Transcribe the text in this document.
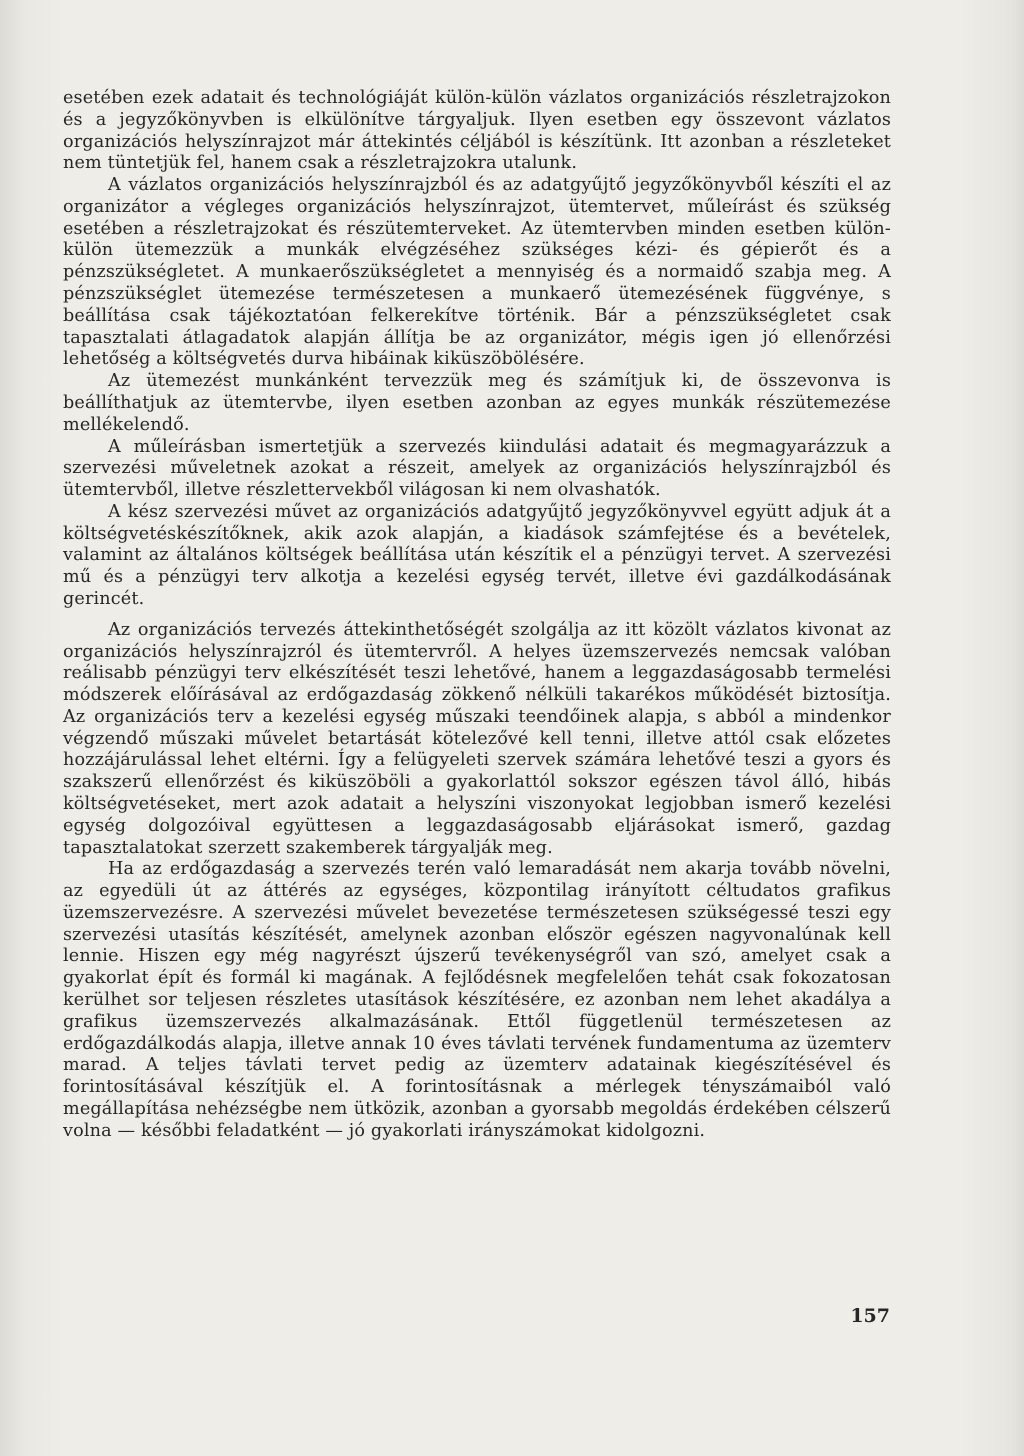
esetében ezek adatait és technológiáját külön-külön vázlatos organizációs részletrajzokon és a jegyzőkönyvben is elkülönítve tárgyaljuk. Ilyen esetben egy összevont vázlatos organizációs helyszínrajzot már áttekintés céljából is készítünk. Itt azonban a részleteket nem tüntetjük fel, hanem csak a részletrajzokra utalunk.

A vázlatos organizációs helyszínrajzból és az adatgyűjtő jegyzőkönyvből készíti el az organizátor a végleges organizációs helyszínrajzot, ütemtervet, műleírást és szükség esetében a részletrajzokat és részütemterveket. Az ütemtervben minden esetben külön-külön ütemezzük a munkák elvégzéséhez szükséges kézi- és gépierőt és a pénzszükségletet. A munkaerőszükségletet a mennyiség és a normaidő szabja meg. A pénzszükséglet ütemezése természetesen a munkaerő ütemezésének függvénye, s beállítása csak tájékoztatóan felkerekítve történik. Bár a pénzszükségletet csak tapasztalati átlagadatok alapján állítja be az organizátor, mégis igen jó ellenőrzési lehetőség a költségvetés durva hibáinak kiküszöbölésére.

Az ütemezést munkánként tervezzük meg és számítjuk ki, de összevonva is beállíthatjuk az ütemtervbe, ilyen esetben azonban az egyes munkák részütemezése mellékelendő.

A műleírásban ismertetjük a szervezés kiindulási adatait és megmagyarázzuk a szervezési műveletnek azokat a részeit, amelyek az organizációs helyszínrajzból és ütemtervből, illetve részlettervekből világosan ki nem olvashatók.

A kész szervezési művet az organizációs adatgyűjtő jegyzőkönyvvel együtt adjuk át a költségvetéskészítőknek, akik azok alapján, a kiadások számfejtése és a bevételek, valamint az általános költségek beállítása után készítik el a pénzügyi tervet. A szervezési mű és a pénzügyi terv alkotja a kezelési egység tervét, illetve évi gazdálkodásának gerincét.

Az organizációs tervezés áttekinthetőségét szolgálja az itt közölt vázlatos kivonat az organizációs helyszínrajzról és ütemtervről. A helyes üzemszervezés nemcsak valóban reálisabb pénzügyi terv elkészítését teszi lehetővé, hanem a leggazdaságosabb termelési módszerek előírásával az erdőgazdaság zökkenő nélküli takarékos működését biztosítja. Az organizációs terv a kezelési egység műszaki teendőinek alapja, s abból a mindenkor végzendő műszaki művelet betartását kötelezővé kell tenni, illetve attól csak előzetes hozzájárulással lehet eltérni. Így a felügyeleti szervek számára lehetővé teszi a gyors és szakszerű ellenőrzést és kiküszöböli a gyakorlattól sokszor egészen távol álló, hibás költségvetéseket, mert azok adatait a helyszíni viszonyokat legjobban ismerő kezelési egység dolgozóival együttesen a leggazdaságosabb eljárásokat ismerő, gazdag tapasztalatokat szerzett szakemberek tárgyalják meg.

Ha az erdőgazdaság a szervezés terén való lemaradását nem akarja tovább növelni, az egyedüli út az áttérés az egységes, központilag irányított céltudatos grafikus üzemszervezésre. A szervezési művelet bevezetése természetesen szükségessé teszi egy szervezési utasítás készítését, amelynek azonban először egészen nagyvonalúnak kell lennie. Hiszen egy még nagyrészt újszerű tevékenységről van szó, amelyet csak a gyakorlat épít és formál ki magának. A fejlődésnek megfelelően tehát csak fokozatosan kerülhet sor teljesen részletes utasítások készítésére, ez azonban nem lehet akadálya a grafikus üzemszervezés alkalmazásának. Ettől függetlenül természetesen az erdőgazdálkodás alapja, illetve annak 10 éves távlati tervének fundamentuma az üzemterv marad. A teljes távlati tervet pedig az üzemterv adatainak kiegészítésével és forintosításával készítjük el. A forintosításnak a mérlegek tényszámaiból való megállapítása nehézségbe nem ütközik, azonban a gyorsabb megoldás érdekében célszerű volna — későbbi feladatként — jó gyakorlati irányszámokat kidolgozni.

157
